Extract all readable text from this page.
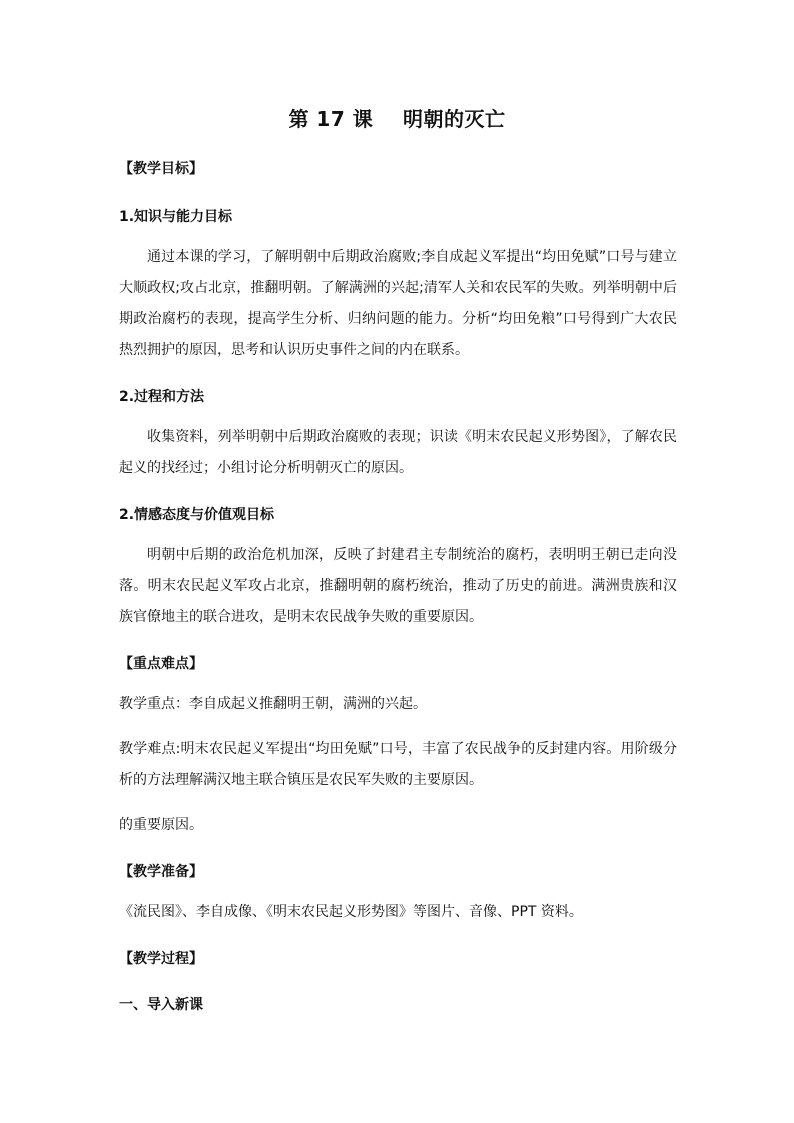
第 17 课    明朝的灭亡

【教学目标】

1.知识与能力目标

通过本课的学习，了解明朝中后期政治腐败;李自成起义军提出“均田免赋”口号与建立大顺政权;攻占北京，推翻明朝。了解满洲的兴起;清军人关和农民军的失败。列举明朝中后期政治腐朽的表现，提高学生分析、归纳问题的能力。分析“均田免粮”口号得到广大农民热烈拥护的原因，思考和认识历史事件之间的内在联系。

2.过程和方法

收集资料，列举明朝中后期政治腐败的表现；识读《明末农民起义形势图》，了解农民起义的找经过；小组讨论分析明朝灭亡的原因。

2.情感态度与价值观目标

明朝中后期的政治危机加深，反映了封建君主专制统治的腐朽，表明明王朝已走向没落。明末农民起义军攻占北京，推翻明朝的腐朽统治，推动了历史的前进。满洲贵族和汉族官僚地主的联合进攻，是明末农民战争失败的重要原因。

【重点难点】

教学重点：李自成起义推翻明王朝，满洲的兴起。

教学难点:明末农民起义军提出“均田免赋”口号，丰富了农民战争的反封建内容。用阶级分析的方法理解满汉地主联合镇压是农民军失败的主要原因。

的重要原因。

【教学准备】

《流民图》、李自成像、《明末农民起义形势图》等图片、音像、PPT 资料。

【教学过程】

一、导入新课
